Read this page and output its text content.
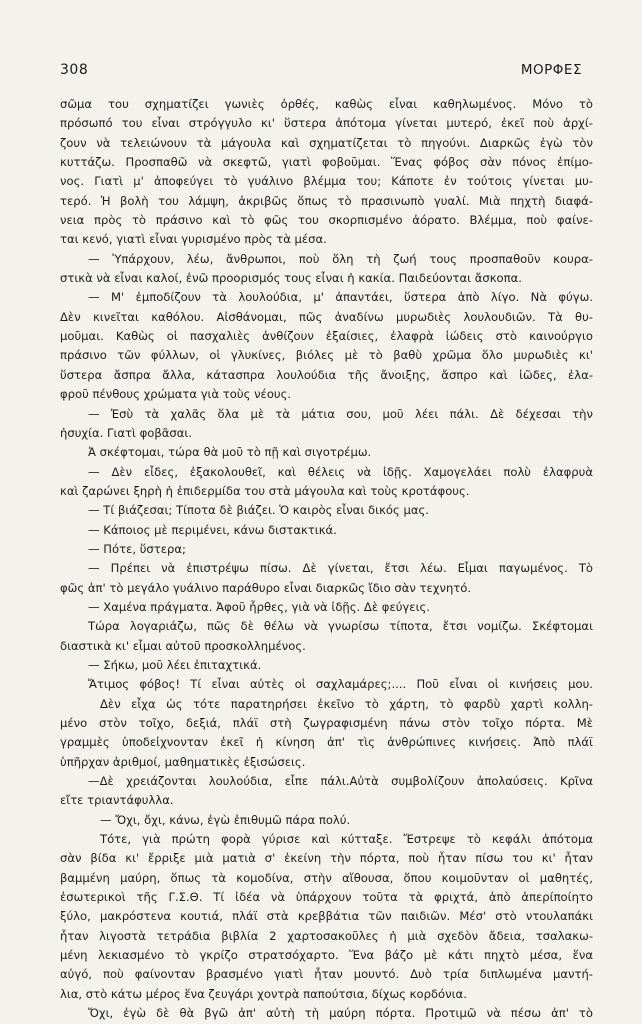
308	ΜΟΡΦΕΣ
σῶμα του σχηματίζει γωνιὲς ὀρθές, καθὼς εἶναι καθηλωμένος. Μόνο τὸ
πρόσωπό του εἶναι στρόγγυλο κι' ὕστερα ἀπότομα γίνεται μυτερό, ἐκεῖ ποὺ ἀρχί-
ζουν νὰ τελειώνουν τὰ μάγουλα καὶ σχηματίζεται τὸ πηγούνι. Διαρκῶς ἐγὼ τὸν
κυττάζω. Προσπαθῶ νὰ σκεφτῶ, γιατὶ φοβοῦμαι. Ἕνας φόβος σὰν πόνος ἐπίμο-
νος. Γιατὶ μ' ἀποφεύγει τὸ γυάλινο βλέμμα του; Κάποτε ἐν τούτοις γίνεται μυ-
τερό. Ἡ βολὴ του λάμψη, ἀκριβῶς ὅπως τὸ πρασινωπὸ γυαλί. Μιὰ πηχτὴ διαφά-
νεια πρὸς τὸ πράσινο καὶ τὸ φῶς του σκορπισμένο ἀόρατο. Βλέμμα, ποὺ φαίνε-
ται κενό, γιατὶ εἶναι γυρισμένο πρὸς τὰ μέσα.
— Ὑπάρχουν, λέω, ἄνθρωποι, ποὺ ὅλη τὴ ζωή τους προσπαθοῦν κουρα-
στικὰ νὰ εἶναι καλοί, ἐνῶ προορισμός τους εἶναι ἡ κακία. Παιδεύονται ἄσκοπα.
— Μ' ἐμποδίζουν τὰ λουλούδια, μ' ἀπαντάει, ὕστερα ἀπὸ λίγο. Νὰ φύγω.
Δὲν κινεῖται καθόλου. Αἰσθάνομαι, πῶς ἀναδίνω μυρωδιὲς λουλουδιῶν. Τὰ θυ-
μοῦμαι. Καθὼς οἱ πασχαλιὲς ἀνθίζουν ἐξαίσιες, ἐλαφρὰ ἰώδεις στὸ καινούργιο
πράσινο τῶν φύλλων, οἱ γλυκίνες, βιόλες μὲ τὸ βαθὺ χρῶμα ὅλο μυρωδιὲς κι'
ὕστερα ἄσπρα ἄλλα, κάτασπρα λουλούδια τῆς ἄνοιξης, ἄσπρο καὶ ἰῶδες, ἐλα-
φροῦ πένθους χρώματα γιὰ τοὺς νέους.
— Ἐσὺ τὰ χαλᾶς ὅλα μὲ τὰ μάτια σου, μοῦ λέει πάλι. Δὲ δέχεσαι τὴν
ἡσυχία. Γιατὶ φοβᾶσαι.
Ἀ σκέφτομαι, τώρα θὰ μοῦ τὸ πῇ καὶ σιγοτρέμω.
— Δὲν εἶδες, ἐξακολουθεῖ, καὶ θέλεις νὰ ἰδῇς. Χαμογελάει πολὺ ἐλαφρυὰ
καὶ ζαρώνει ξηρὴ ἡ ἐπιδερμίδα του στὰ μάγουλα καὶ τοὺς κροτάφους.
— Τί βιάζεσαι; Τίποτα δὲ βιάζει. Ὁ καιρὸς εἶναι δικός μας.
— Κάποιος μὲ περιμένει, κάνω διστακτικά.
— Πότε, ὕστερα;
— Πρέπει νὰ ἐπιστρέψω πίσω. Δὲ γίνεται, ἔτσι λέω. Εἶμαι παγωμένος. Τὸ
φῶς ἀπ' τὸ μεγάλο γυάλινο παράθυρο εἶναι διαρκῶς ἴδιο σὰν τεχνητό.
— Χαμένα πράγματα. Ἀφοῦ ἦρθες, γιὰ νὰ ἰδῇς. Δὲ φεύγεις.
Τώρα λογαριάζω, πῶς δὲ θέλω νὰ γνωρίσω τίποτα, ἔτσι νομίζω. Σκέφτομαι
διαστικὰ κι' εἶμαι αὐτοῦ προσκολλημένος.
— Σήκω, μοῦ λέει ἐπιταχτικά.
Ἄτιμος φόβος! Τί εἶναι αὐτὲς οἱ σαχλαμάρες;.... Ποῦ εἶναι οἱ κινήσεις μου.
Δὲν εἶχα ὡς τότε παρατηρήσει ἐκεῖνο τὸ χάρτη, τὸ φαρδὺ χαρτὶ κολλη-
μένο στὸν τοῖχο, δεξιά, πλάϊ στὴ ζωγραφισμένη πάνω στὸν τοῖχο πόρτα. Μὲ
γραμμὲς ὑποδεἰχνονταν ἐκεῖ ἡ κίνηση ἀπ' τὶς ἀνθρώπινες κινήσεις. Ἀπὸ πλάϊ
ὑπῆρχαν ἀριθμοί, μαθηματικὲς ἐξισώσεις.
—Δὲ χρειάζονται λουλούδια, εἶπε πάλι.Αὐτὰ συμβολίζουν ἀπολαύσεις. Κρῖνα
εἴτε τριαντάφυλλα.
— Ὄχι, ὄχι, κάνω, ἐγὼ ἐπιθυμῶ πάρα πολύ.
Τότε, γιὰ πρώτη φορὰ γύρισε καὶ κύτταξε. Ἔστρεψε τὸ κεφάλι ἀπότομα
σὰν βίδα κι' ἔρριξε μιὰ ματιὰ σ' ἐκείνη τὴν πόρτα, ποὺ ἦταν πίσω του κι' ἦταν
βαμμένη μαύρη, ὅπως τὰ κομοδίνα, στὴν αἴθουσα, ὅπου κοιμοῦνταν οἱ μαθητές,
ἐσωτερικοὶ τῆς Γ.Σ.Θ. Τί ἰδέα νὰ ὑπάρχουν τοῦτα τὰ φριχτά, ἀπὸ ἀπερίποίητο
ξύλο, μακρόστενα κουτιά, πλάϊ στὰ κρεββάτια τῶν παιδιῶν. Μέσ' στὸ ντουλαπάκι
ἦταν λιγοστὰ τετράδια βιβλία 2 χαρτοσακοῦλες ἡ μιὰ σχεδὸν ἄδεια, τσαλακω-
μένη λεκιασμένο τὸ γκρίζο στρατσόχαρτο. Ἕνα βάζο μὲ κάτι πηχτὸ μέσα, ἕνα
αὐγό, ποὺ φαίνονταν βρασμένο γιατὶ ἦταν μουντό. Δυὸ τρία διπλωμένα μαντή-
λια, στὸ κάτω μέρος ἕνα ζευγάρι χοντρὰ παπούτσια, δίχως κορδόνια.
Ὄχι, ἐγὼ δὲ θὰ βγῶ ἀπ' αὐτὴ τὴ μαύρη πόρτα. Προτιμῶ νὰ πέσω ἀπ' τὸ
